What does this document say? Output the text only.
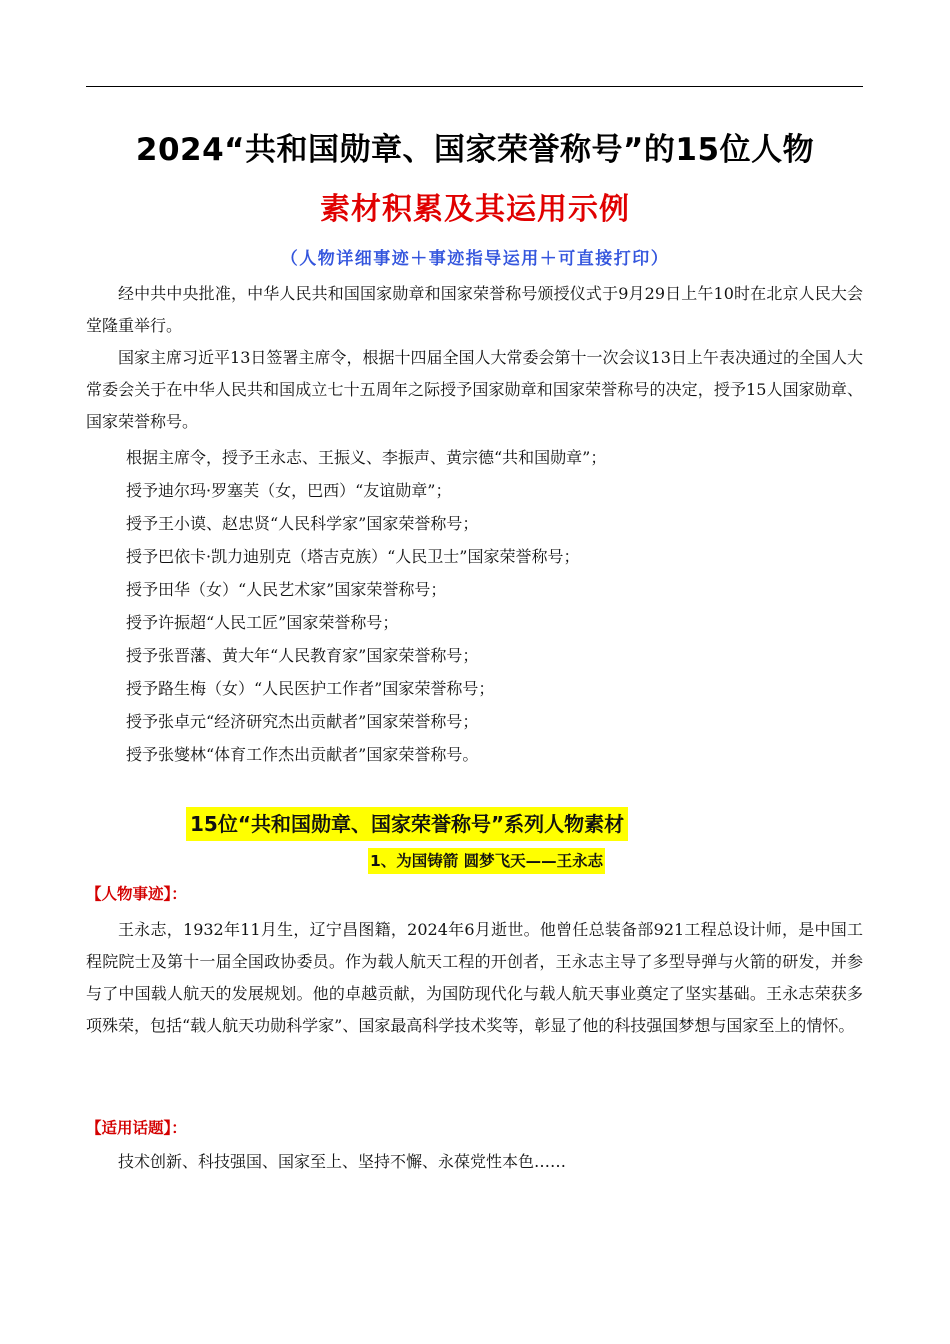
2024“共和国勋章、国家荣誉称号”的15位人物
素材积累及其运用示例
（人物详细事迹＋事迹指导运用＋可直接打印）
经中共中央批准，中华人民共和国国家勋章和国家荣誉称号颁授仪式于9月29日上午10时在北京人民大会堂隆重举行。
国家主席习近平13日签署主席令，根据十四届全国人大常委会第十一次会议13日上午表决通过的全国人大常委会关于在中华人民共和国成立七十五周年之际授予国家勋章和国家荣誉称号的决定，授予15人国家勋章、国家荣誉称号。
根据主席令，授予王永志、王振义、李振声、黄宗德“共和国勋章”；
授予迪尔玛·罗塞芙（女，巴西）“友谊勋章”；
授予王小谟、赵忠贤“人民科学家”国家荣誉称号；
授予巴依卡·凯力迪别克（塔吉克族）“人民卫士”国家荣誉称号；
授予田华（女）“人民艺术家”国家荣誉称号；
授予许振超“人民工匠”国家荣誉称号；
授予张晋藩、黄大年“人民教育家”国家荣誉称号；
授予路生梅（女）“人民医护工作者”国家荣誉称号；
授予张卓元“经济研究杰出贡献者”国家荣誉称号；
授予张燮林“体育工作杰出贡献者”国家荣誉称号。
15位“共和国勋章、国家荣誉称号”系列人物素材
1、为国铸箭 圆梦飞天——王永志
【人物事迹】：
王永志，1932年11月生，辽宁昌图籍，2024年6月逝世。他曾任总装备部921工程总设计师，是中国工程院院士及第十一届全国政协委员。作为载人航天工程的开创者，王永志主导了多型导弹与火箭的研发，并参与了中国载人航天的发展规划。他的卓越贡献，为国防现代化与载人航天事业奠定了坚实基础。王永志荣获多项殊荣，包括“载人航天功勋科学家”、国家最高科学技术奖等，彰显了他的科技强国梦想与国家至上的情怀。
【适用话题】：
技术创新、科技强国、国家至上、坚持不懈、永葆党性本色……
